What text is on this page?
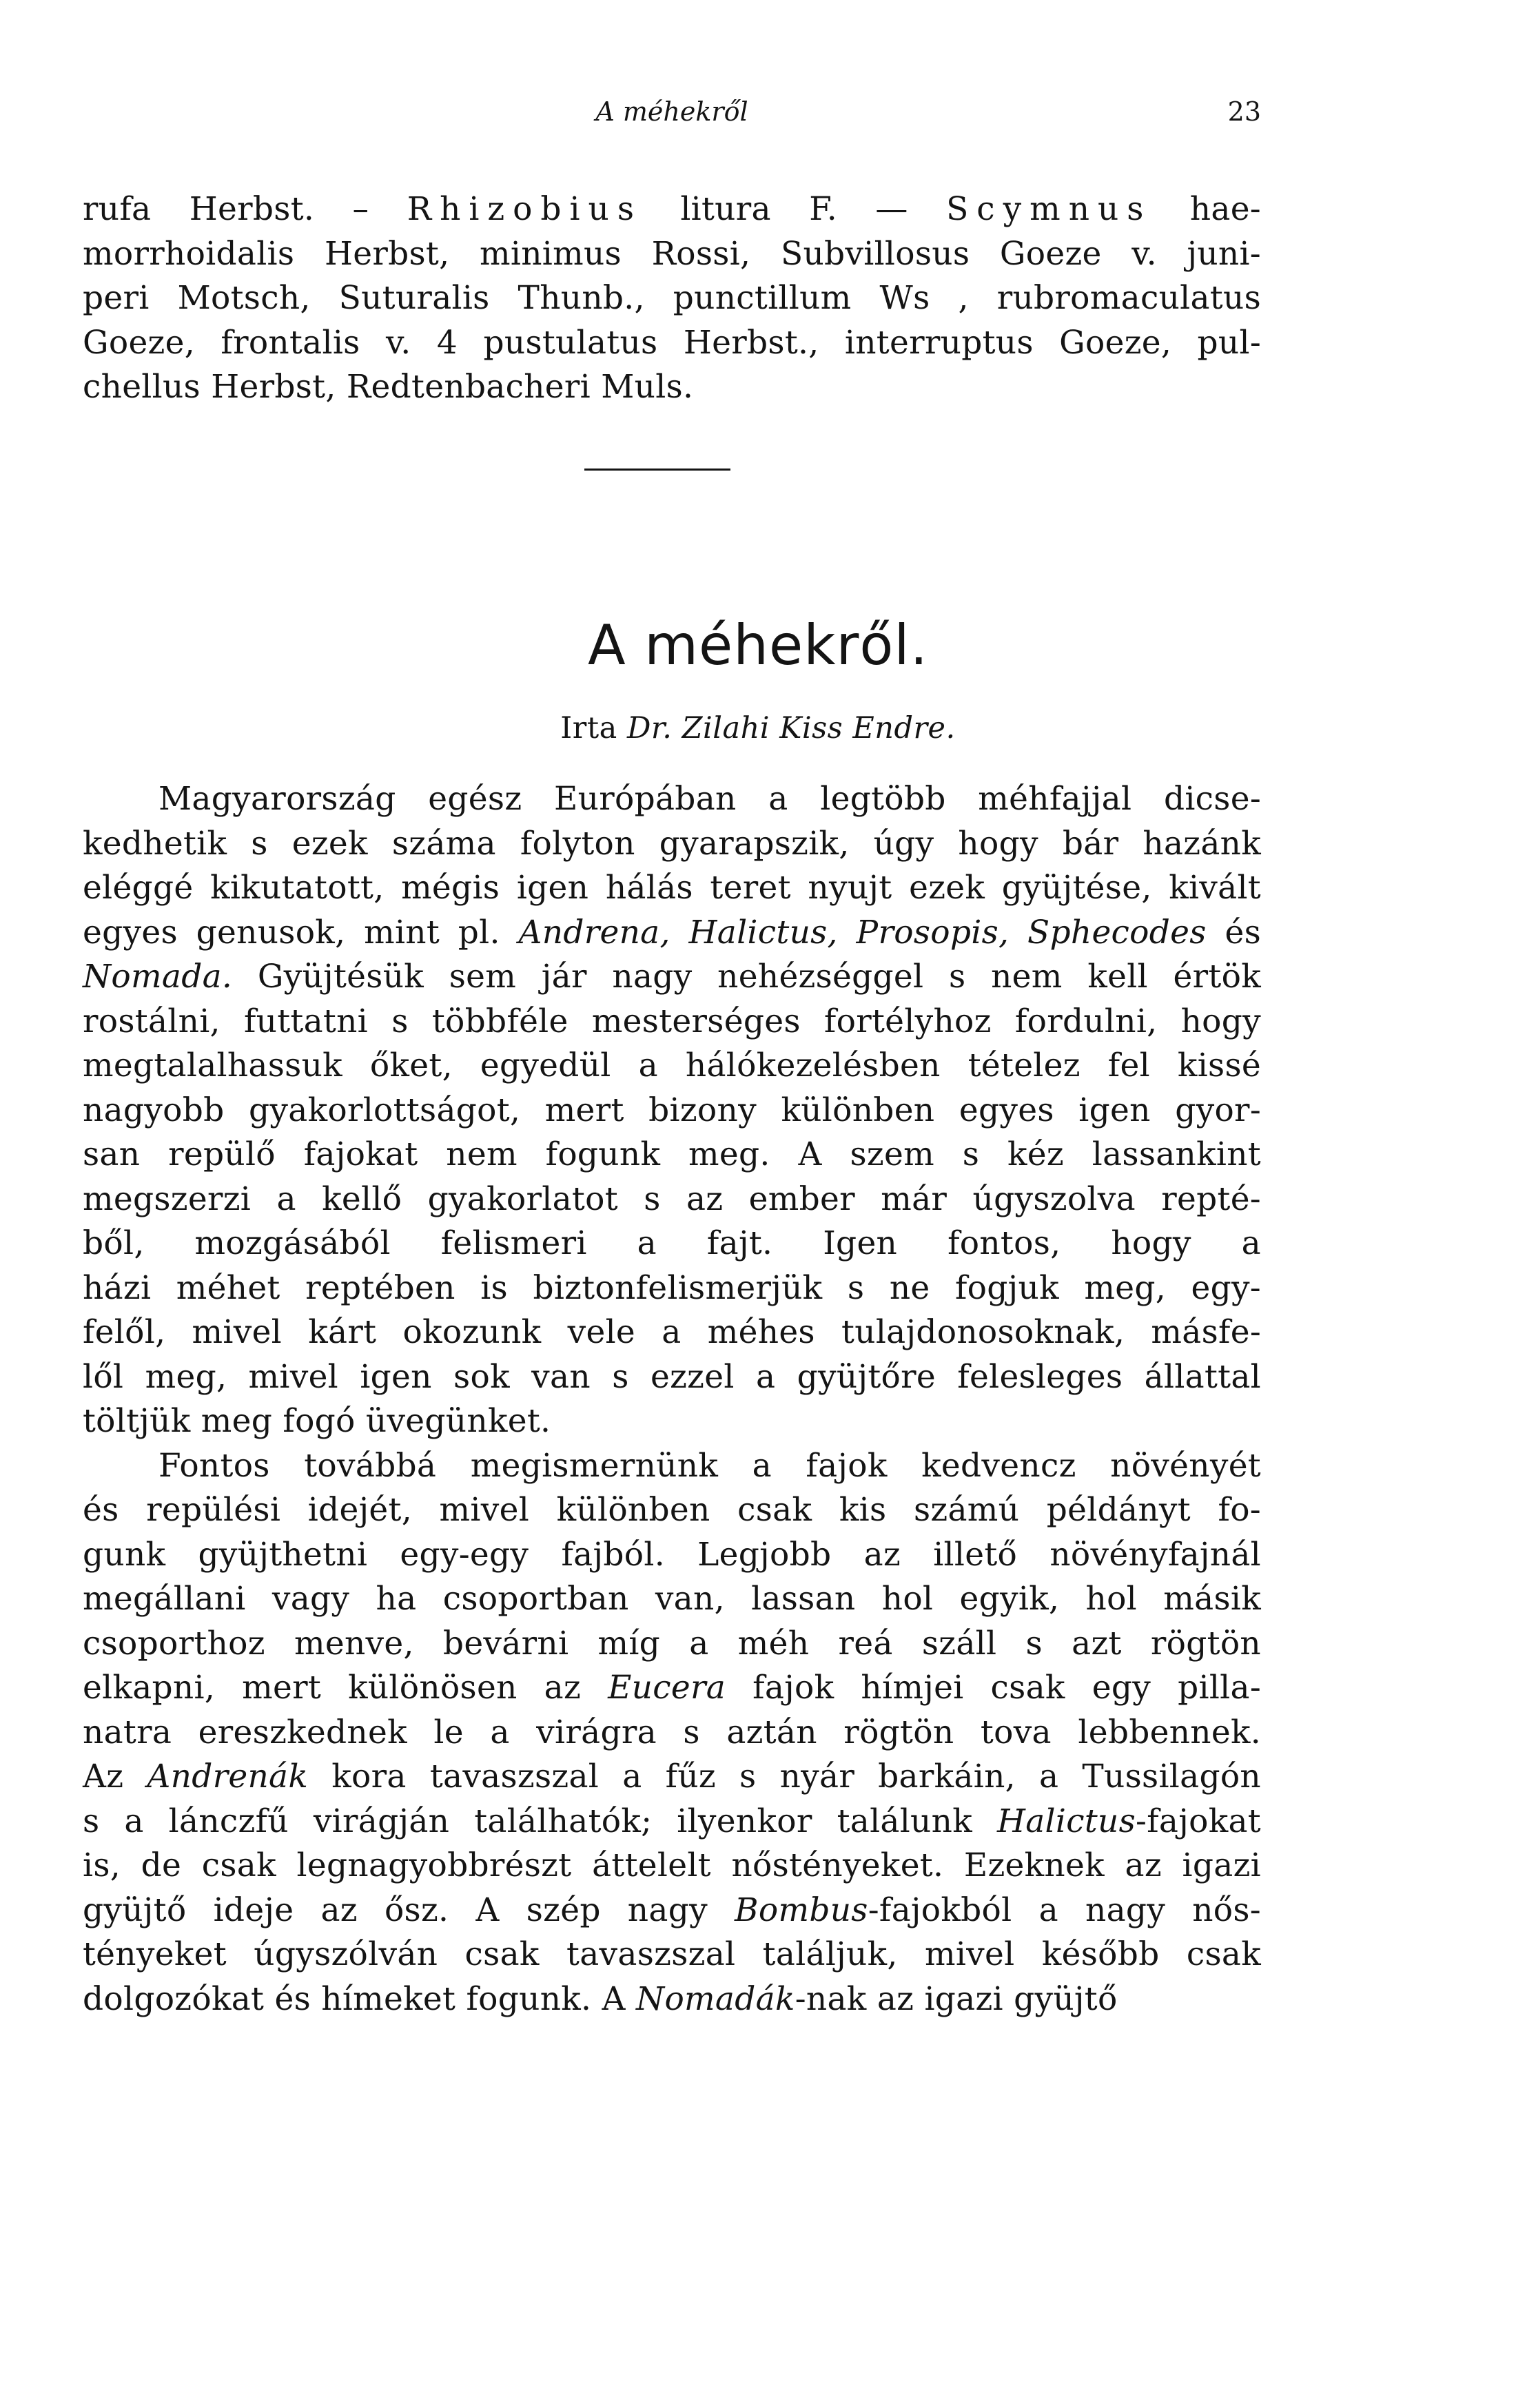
A méhekről	23
rufa Herbst. – Rhizobius litura F. — Scymnus hae-
morrhoidalis Herbst, minimus Rossi, Subvillosus Goeze v. juni-
peri Motsch, Suturalis Thunb., punctillum Ws , rubromaculatus
Goeze, frontalis v. 4 pustulatus Herbst., interruptus Goeze, pul-
chellus Herbst, Redtenbacheri Muls.
A méhekről.
Irta Dr. Zilahi Kiss Endre.
Magyarország egész Európában a legtöbb méhfajjal dicse-
kedhetik s ezek száma folyton gyarapszik, úgy hogy bár hazánk
eléggé kikutatott, mégis igen hálás teret nyujt ezek gyüjtése, kivált
egyes genusok, mint pl. Andrena, Halictus, Prosopis, Sphecodes és
Nomada. Gyüjtésük sem jár nagy nehézséggel s nem kell értök
rostálni, futtatni s többféle mesterséges fortélyhoz fordulni, hogy
megtalalhassuk őket, egyedül a hálókezelésben tételez fel kissé
nagyobb gyakorlottságot, mert bizony különben egyes igen gyor-
san repülő fajokat nem fogunk meg. A szem s kéz lassankint
megszerzi a kellő gyakorlatot s az ember már úgyszolva repté-
ből, mozgásából felismeri a fajt. Igen fontos, hogy a
házi méhet reptében is biztonfelismerjük s ne fogjuk meg, egy-
felől, mivel kárt okozunk vele a méhes tulajdonosoknak, másfe-
lől meg, mivel igen sok van s ezzel a gyüjtőre felesleges állattal
töltjük meg fogó üvegünket.
Fontos továbbá megismernünk a fajok kedvencz növényét
és repülési idejét, mivel különben csak kis számú példányt fo-
gunk gyüjthetni egy-egy fajból. Legjobb az illető növényfajnál
megállani vagy ha csoportban van, lassan hol egyik, hol másik
csoporthoz menve, bevárni míg a méh reá száll s azt rögtön
elkapni, mert különösen az Eucera fajok hímjei csak egy pilla-
natra ereszkednek le a virágra s aztán rögtön tova lebbennek.
Az Andrenák kora tavaszszal a fűz s nyár barkáin, a Tussilagón
s a lánczfű virágján találhatók; ilyenkor találunk Halictus-fajokat
is, de csak legnagyobbrészt áttelelt nőstényeket. Ezeknek az igazi
gyüjtő ideje az ősz. A szép nagy Bombus-fajokból a nagy nős-
tényeket úgyszólván csak tavaszszal találjuk, mivel később csak
dolgozókat és hímeket fogunk. A Nomadák-nak az igazi gyüjtő
